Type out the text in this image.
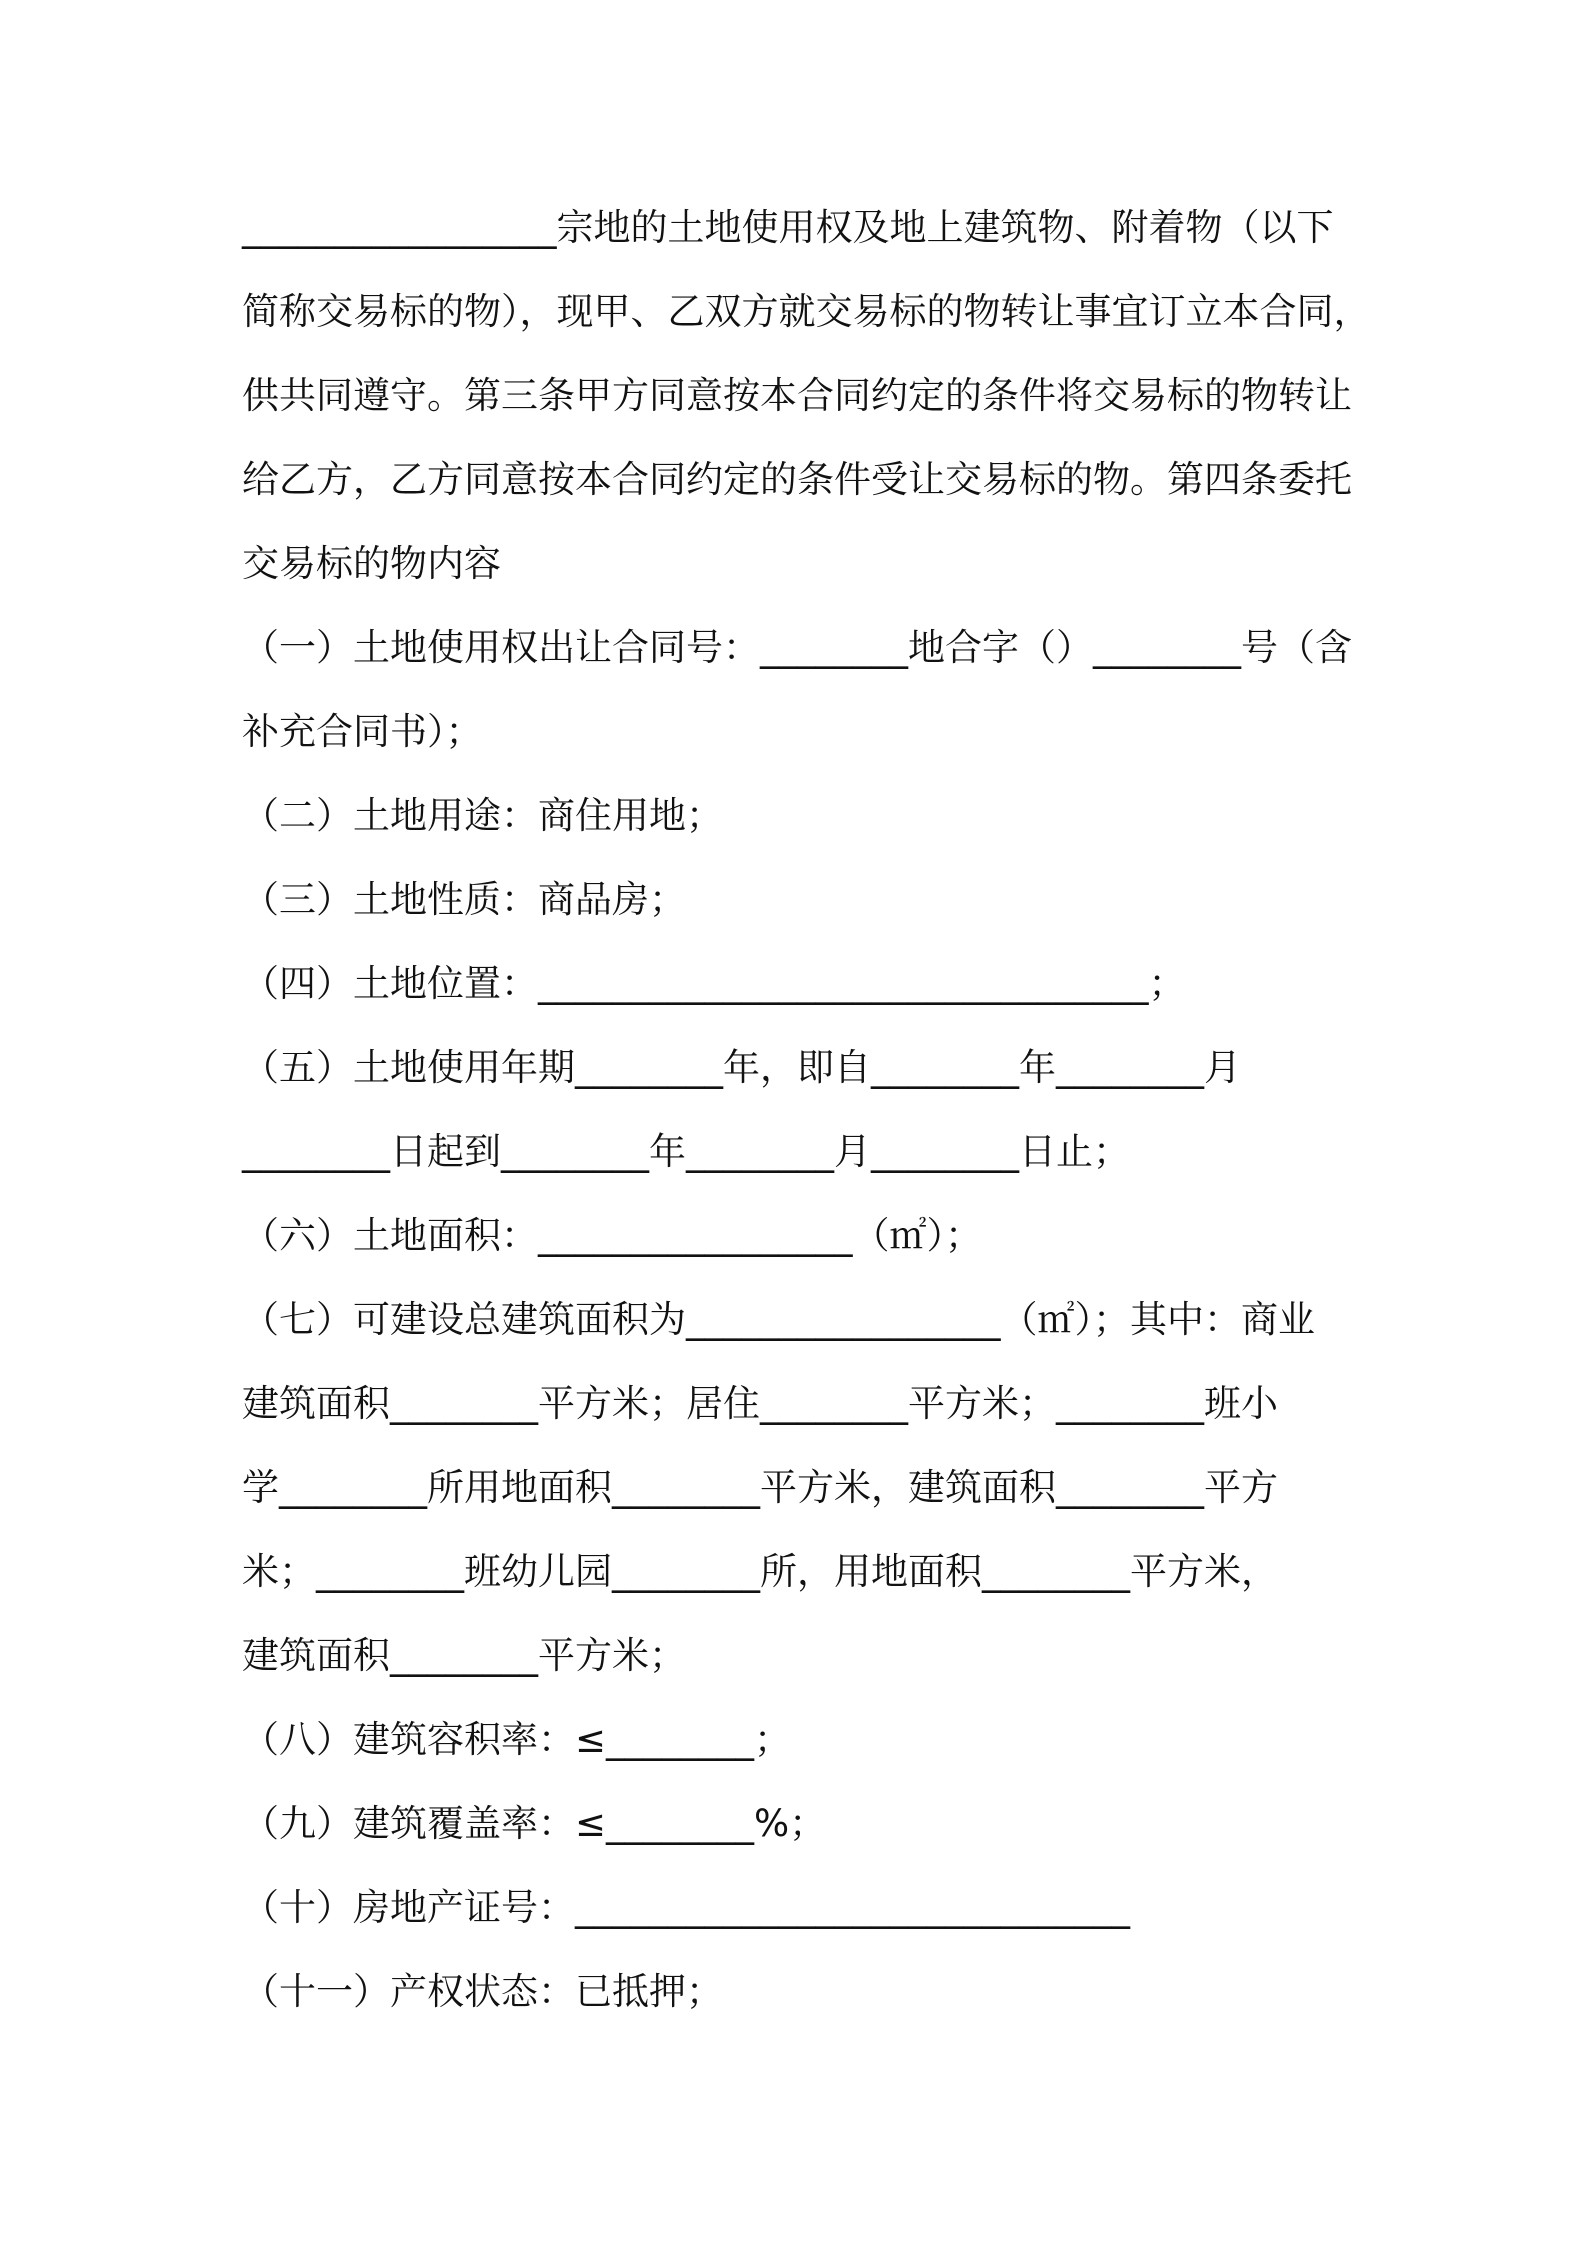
_________________宗地的土地使用权及地上建筑物、附着物（以下
简称交易标的物），现甲、乙双方就交易标的物转让事宜订立本合同，
供共同遵守。第三条甲方同意按本合同约定的条件将交易标的物转让
给乙方，乙方同意按本合同约定的条件受让交易标的物。第四条委托
交易标的物内容
（一）土地使用权出让合同号：________地合字（）________号（含
补充合同书）；
（二）土地用途：商住用地；
（三）土地性质：商品房；
（四）土地位置：_________________________________；
（五）土地使用年期________年，即自________年________月
________日起到________年________月________日止；
（六）土地面积：_________________（㎡）；
（七）可建设总建筑面积为_________________（㎡）；其中：商业
建筑面积________平方米；居住________平方米；________班小
学________所用地面积________平方米，建筑面积________平方
米；________班幼儿园________所，用地面积________平方米，
建筑面积________平方米；
（八）建筑容积率：≤________；
（九）建筑覆盖率：≤________%；
（十）房地产证号：______________________________
（十一）产权状态：已抵押；
